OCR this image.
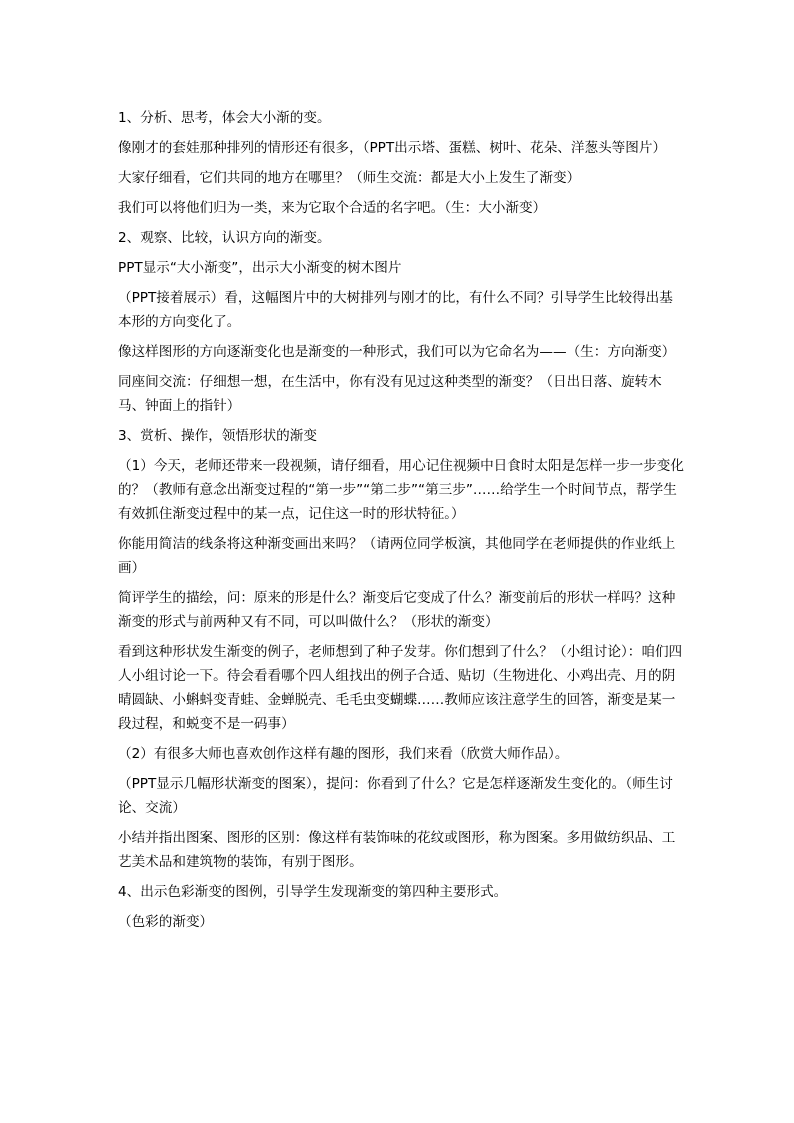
1、分析、思考，体会大小渐的变。

像刚才的套娃那种排列的情形还有很多，（PPT出示塔、蛋糕、树叶、花朵、洋葱头等图片）

大家仔细看，它们共同的地方在哪里？（师生交流：都是大小上发生了渐变）

我们可以将他们归为一类，来为它取个合适的名字吧。（生：大小渐变）

2、观察、比较，认识方向的渐变。

PPT显示“大小渐变”，出示大小渐变的树木图片

（PPT接着展示）看，这幅图片中的大树排列与刚才的比，有什么不同？引导学生比较得出基本形的方向变化了。

像这样图形的方向逐渐变化也是渐变的一种形式，我们可以为它命名为——（生：方向渐变）

同座间交流：仔细想一想，在生活中，你有没有见过这种类型的渐变？（日出日落、旋转木马、钟面上的指针）

3、赏析、操作，领悟形状的渐变

（1）今天，老师还带来一段视频，请仔细看，用心记住视频中日食时太阳是怎样一步一步变化的？（教师有意念出渐变过程的“第一步”“第二步”“第三步”……给学生一个时间节点，帮学生有效抓住渐变过程中的某一点，记住这一时的形状特征。）

你能用简洁的线条将这种渐变画出来吗？（请两位同学板演，其他同学在老师提供的作业纸上画）

简评学生的描绘，问：原来的形是什么？渐变后它变成了什么？渐变前后的形状一样吗？这种渐变的形式与前两种又有不同，可以叫做什么？（形状的渐变）

看到这种形状发生渐变的例子，老师想到了种子发芽。你们想到了什么？（小组讨论）：咱们四人小组讨论一下。待会看看哪个四人组找出的例子合适、贴切（生物进化、小鸡出壳、月的阴晴圆缺、小蝌蚪变青蛙、金蝉脱壳、毛毛虫变蝴蝶……教师应该注意学生的回答，渐变是某一段过程，和蜕变不是一码事）

（2）有很多大师也喜欢创作这样有趣的图形，我们来看（欣赏大师作品）。

（PPT显示几幅形状渐变的图案），提问：你看到了什么？它是怎样逐渐发生变化的。（师生讨论、交流）

小结并指出图案、图形的区别：像这样有装饰味的花纹或图形，称为图案。多用做纺织品、工艺美术品和建筑物的装饰，有别于图形。

4、出示色彩渐变的图例，引导学生发现渐变的第四种主要形式。

（色彩的渐变）
